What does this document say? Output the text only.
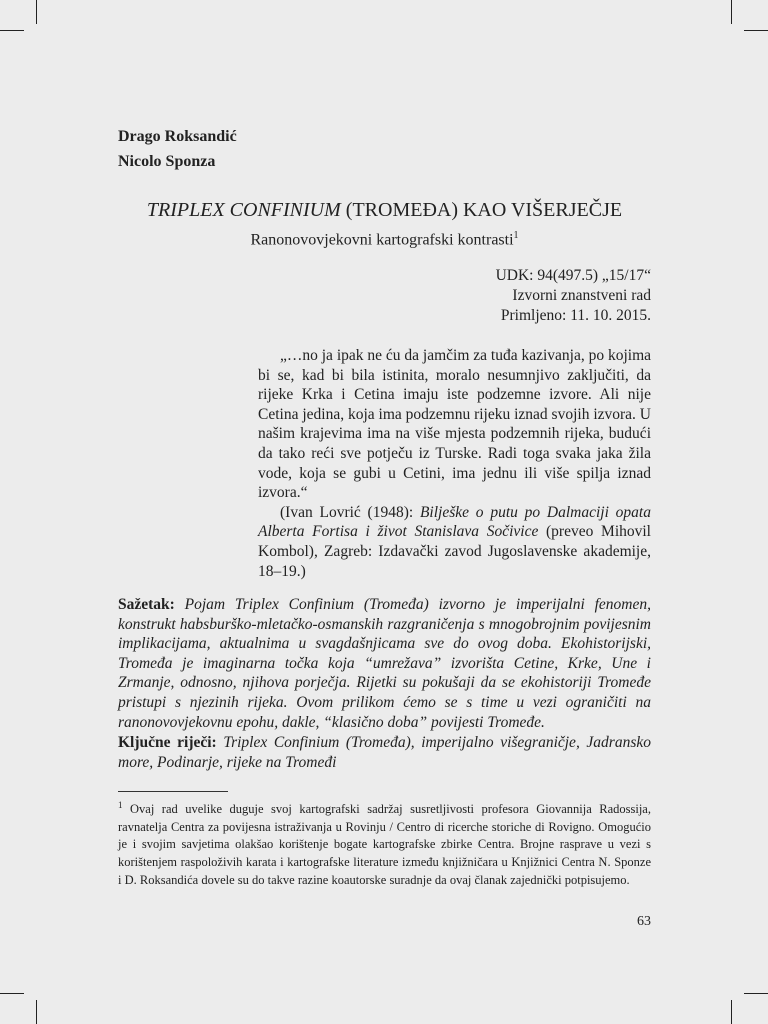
Drago Roksandić
Nicolo Sponza
TRIPLEX CONFINIUM (TROMEĐA) KAO VIŠERJEČJE
Ranonovovjekovni kartografski kontrasti$^1$
UDK: 94(497.5) „15/17“
Izvorni znanstveni rad
Primljeno: 11. 10. 2015.

„…no ja ipak ne ću da jamčim za tuđa kazivanja, po kojima bi se, kad bi bila istinita, moralo nesumnjivo zaključiti, da rijeke Krka i Cetina imaju iste podzemne izvore. Ali nije Cetina jedina, koja ima podzemnu rijeku iznad svojih izvora. U našim krajevima ima na više mjesta podzemnih rijeka, budući da tako reći sve potječu iz Turske. Radi toga svaka jaka žila vode, koja se gubi u Cetini, ima jednu ili više spilja iznad izvora.“

(Ivan Lovrić (1948): Bilješke o putu po Dalmaciji opata Alberta Fortisa i život Stanislava Sočivice (preveo Mihovil Kombol), Zagreb: Izdavački zavod Jugoslavenske akademije, 18–19.)

Sažetak: Pojam Triplex Confinium (Tromeđa) izvorno je imperijalni fenomen, konstrukt habsburško-mletačko-osmanskih razgraničenja s mnogobrojnim povijesnim implikacijama, aktualnima u svagdašnjicama sve do ovog doba. Ekohistorijski, Tromeđa je imaginarna točka koja “umrežava” izvorišta Cetine, Krke, Une i Zrmanje, odnosno, njihova porječja. Rijetki su pokušaji da se ekohistoriji Tromeđe pristupi s njezinih rijeka. Ovom prilikom ćemo se s time u vezi ograničiti na ranonovovjekovnu epohu, dakle, “klasično doba” povijesti Tromeđe.
Ključne riječi: Triplex Confinium (Tromeđa), imperijalno višegraničje, Jadransko more, Podinarje, rijeke na Tromeđi
$^1$ Ovaj rad uvelike duguje svoj kartografski sadržaj susretljivosti profesora Giovannija Radossija, ravnatelja Centra za povijesna istraživanja u Rovinju / Centro di ricerche storiche di Rovigno. Omogućio je i svojim savjetima olakšao korištenje bogate kartografske zbirke Centra. Brojne rasprave u vezi s korištenjem raspoloživih karata i kartografske literature između knjižničara u Knjižnici Centra N. Sponze i D. Roksandića dovele su do takve razine koautorske suradnje da ovaj članak zajednički potpisujemo.
63
